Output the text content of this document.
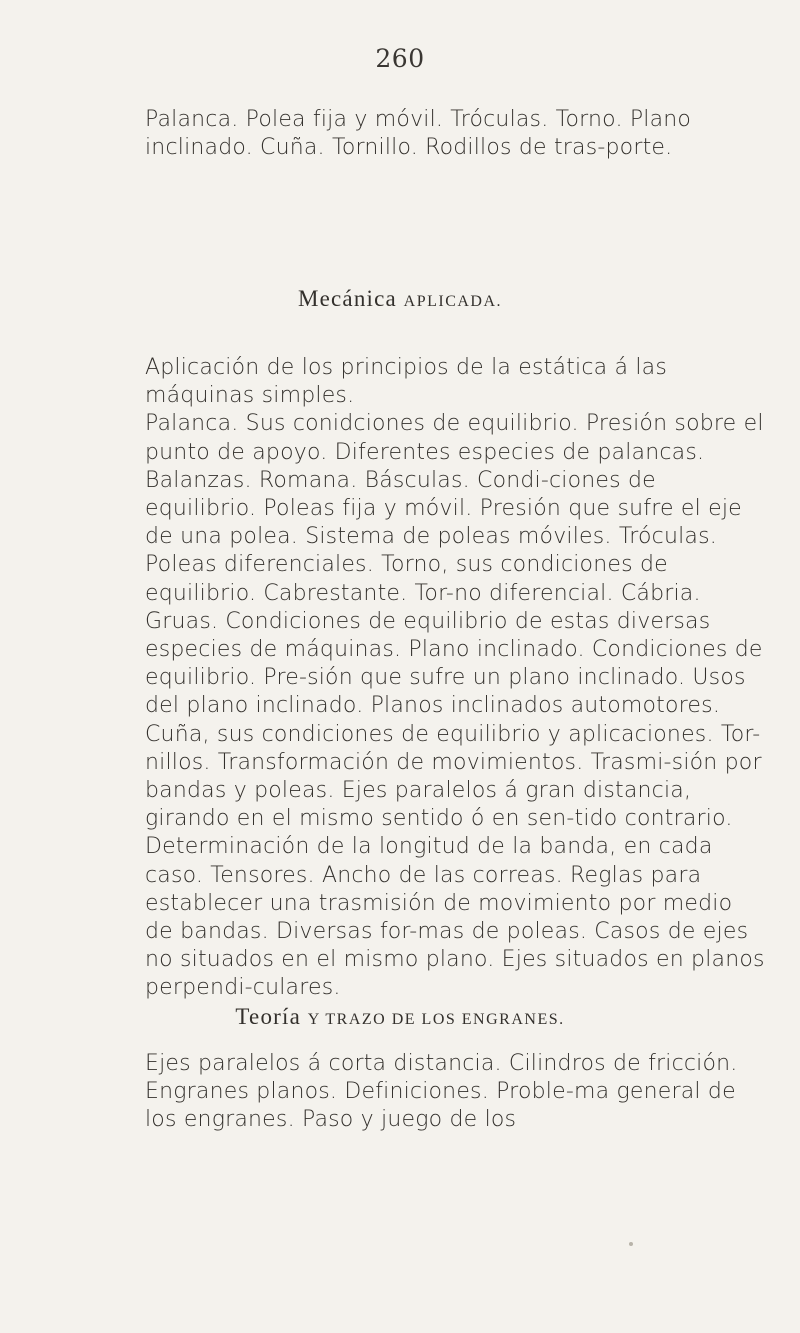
260

Palanca. Polea fija y móvil. Tróculas. Torno. Plano inclinado. Cuña. Tornillo. Rodillos de tras-porte.

Mecánica APLICADA.

Aplicación de los principios de la estática á las máquinas simples.

Palanca. Sus conidciones de equilibrio. Presión sobre el punto de apoyo. Diferentes especies de palancas. Balanzas. Romana. Básculas. Condi-ciones de equilibrio. Poleas fija y móvil. Presión que sufre el eje de una polea. Sistema de poleas móviles. Tróculas. Poleas diferenciales. Torno, sus condiciones de equilibrio. Cabrestante. Tor-no diferencial. Cábria. Gruas. Condiciones de equilibrio de estas diversas especies de máquinas. Plano inclinado. Condiciones de equilibrio. Pre-sión que sufre un plano inclinado. Usos del plano inclinado. Planos inclinados automotores. Cuña, sus condiciones de equilibrio y aplicaciones. Tor-nillos. Transformación de movimientos. Trasmi-sión por bandas y poleas. Ejes paralelos á gran distancia, girando en el mismo sentido ó en sen-tido contrario. Determinación de la longitud de la banda, en cada caso. Tensores. Ancho de las correas. Reglas para establecer una trasmisión de movimiento por medio de bandas. Diversas for-mas de poleas. Casos de ejes no situados en el mismo plano. Ejes situados en planos perpendi-culares.

Teoría Y TRAZO DE LOS ENGRANES.

Ejes paralelos á corta distancia. Cilindros de fricción. Engranes planos. Definiciones. Proble-ma general de los engranes. Paso y juego de los
